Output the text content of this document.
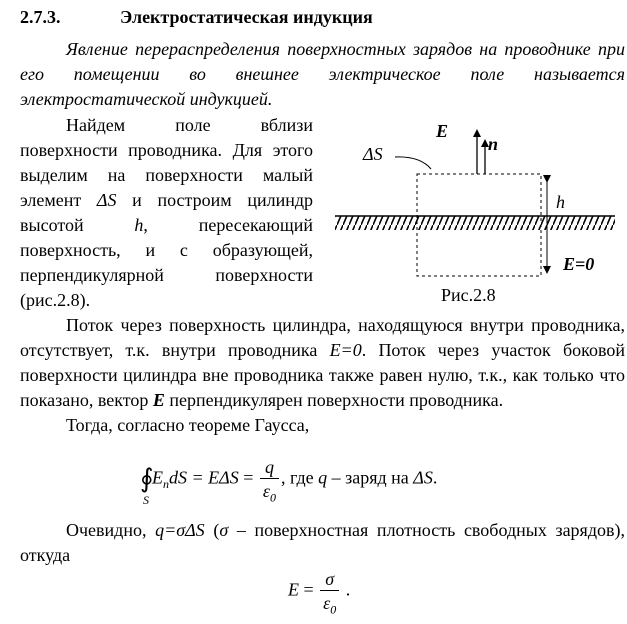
2.7.3.	Электростатическая индукция

Явление перераспределения поверхностных зарядов на проводнике при его помещении во внешнее электрическое поле называется электростатической индукцией.

Найдем поле вблизи поверхности проводника. Для этого выделим на поверхности малый элемент ΔS и построим цилиндр высотой h, пересекающий поверхность, и с образующей, перпендикулярной поверхности (рис.2.8).

E
n
ΔS
h
E=0
Рис.2.8

Поток через поверхность цилиндра, находящуюся внутри проводника, отсутствует, т.к. внутри проводника E=0. Поток через участок боковой поверхности цилиндра вне проводника также равен нулю, т.к., как только что показано, вектор E перпендикулярен поверхности проводника.

Тогда, согласно теореме Гаусса,

∮
S
$E_ndS = E\Delta S = \frac{q}{\varepsilon_0}$ , где q – заряд на ΔS.

Очевидно, q=σΔS (σ – поверхностная плотность свободных зарядов), откуда

$E = \frac{\sigma}{\varepsilon_0}$ .
